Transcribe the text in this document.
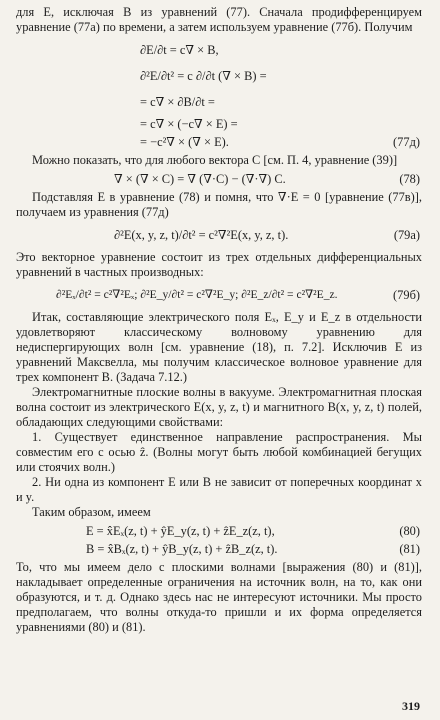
для E, исключая B из уравнений (77). Сначала продифференцируем уравнение (77а) по времени, а затем используем уравнение (77б). Получим

∂E/∂t = c∇ × B,
∂²E/∂t² = c ∂/∂t (∇ × B) =
= c∇ × ∂B/∂t =
= c∇ × (−c∇ × E) =
= −c²∇ × (∇ × E).	(77д)

Можно показать, что для любого вектора C [см. П. 4, уравнение (39)]

∇ × (∇ × C) = ∇ (∇·C) − (∇·∇) C.	(78)

Подставляя E в уравнение (78) и помня, что ∇·E = 0 [уравнение (77в)], получаем из уравнения (77д)

∂²E(x, y, z, t)/∂t² = c²∇²E(x, y, z, t).	(79а)

Это векторное уравнение состоит из трех отдельных дифференциальных уравнений в частных производных:

∂²Eₓ/∂t² = c²∇²Eₓ; ∂²E_y/∂t² = c²∇²E_y; ∂²E_z/∂t² = c²∇²E_z.	(79б)

Итак, составляющие электрического поля Eₓ, E_y и E_z в отдельности удовлетворяют классическому волновому уравнению для недиспергирующих волн [см. уравнение (18), п. 7.2]. Исключив E из уравнений Максвелла, мы получим классическое волновое уравнение для трех компонент B. (Задача 7.12.)

Электромагнитные плоские волны в вакууме. Электромагнитная плоская волна состоит из электрического E(x, y, z, t) и магнитного B(x, y, z, t) полей, обладающих следующими свойствами:

1. Существует единственное направление распространения. Мы совместим его с осью ẑ. (Волны могут быть любой комбинацией бегущих или стоячих волн.)

2. Ни одна из компонент E или B не зависит от поперечных координат x и y.

Таким образом, имеем

E = x̂Eₓ(z, t) + ŷE_y(z, t) + ẑE_z(z, t),	(80)
B = x̂Bₓ(z, t) + ŷB_y(z, t) + ẑB_z(z, t).	(81)

То, что мы имеем дело с плоскими волнами [выражения (80) и (81)], накладывает определенные ограничения на источник волн, на то, как они образуются, и т. д. Однако здесь нас не интересуют источники. Мы просто предполагаем, что волны откуда-то пришли и их форма определяется уравнениями (80) и (81).

319
